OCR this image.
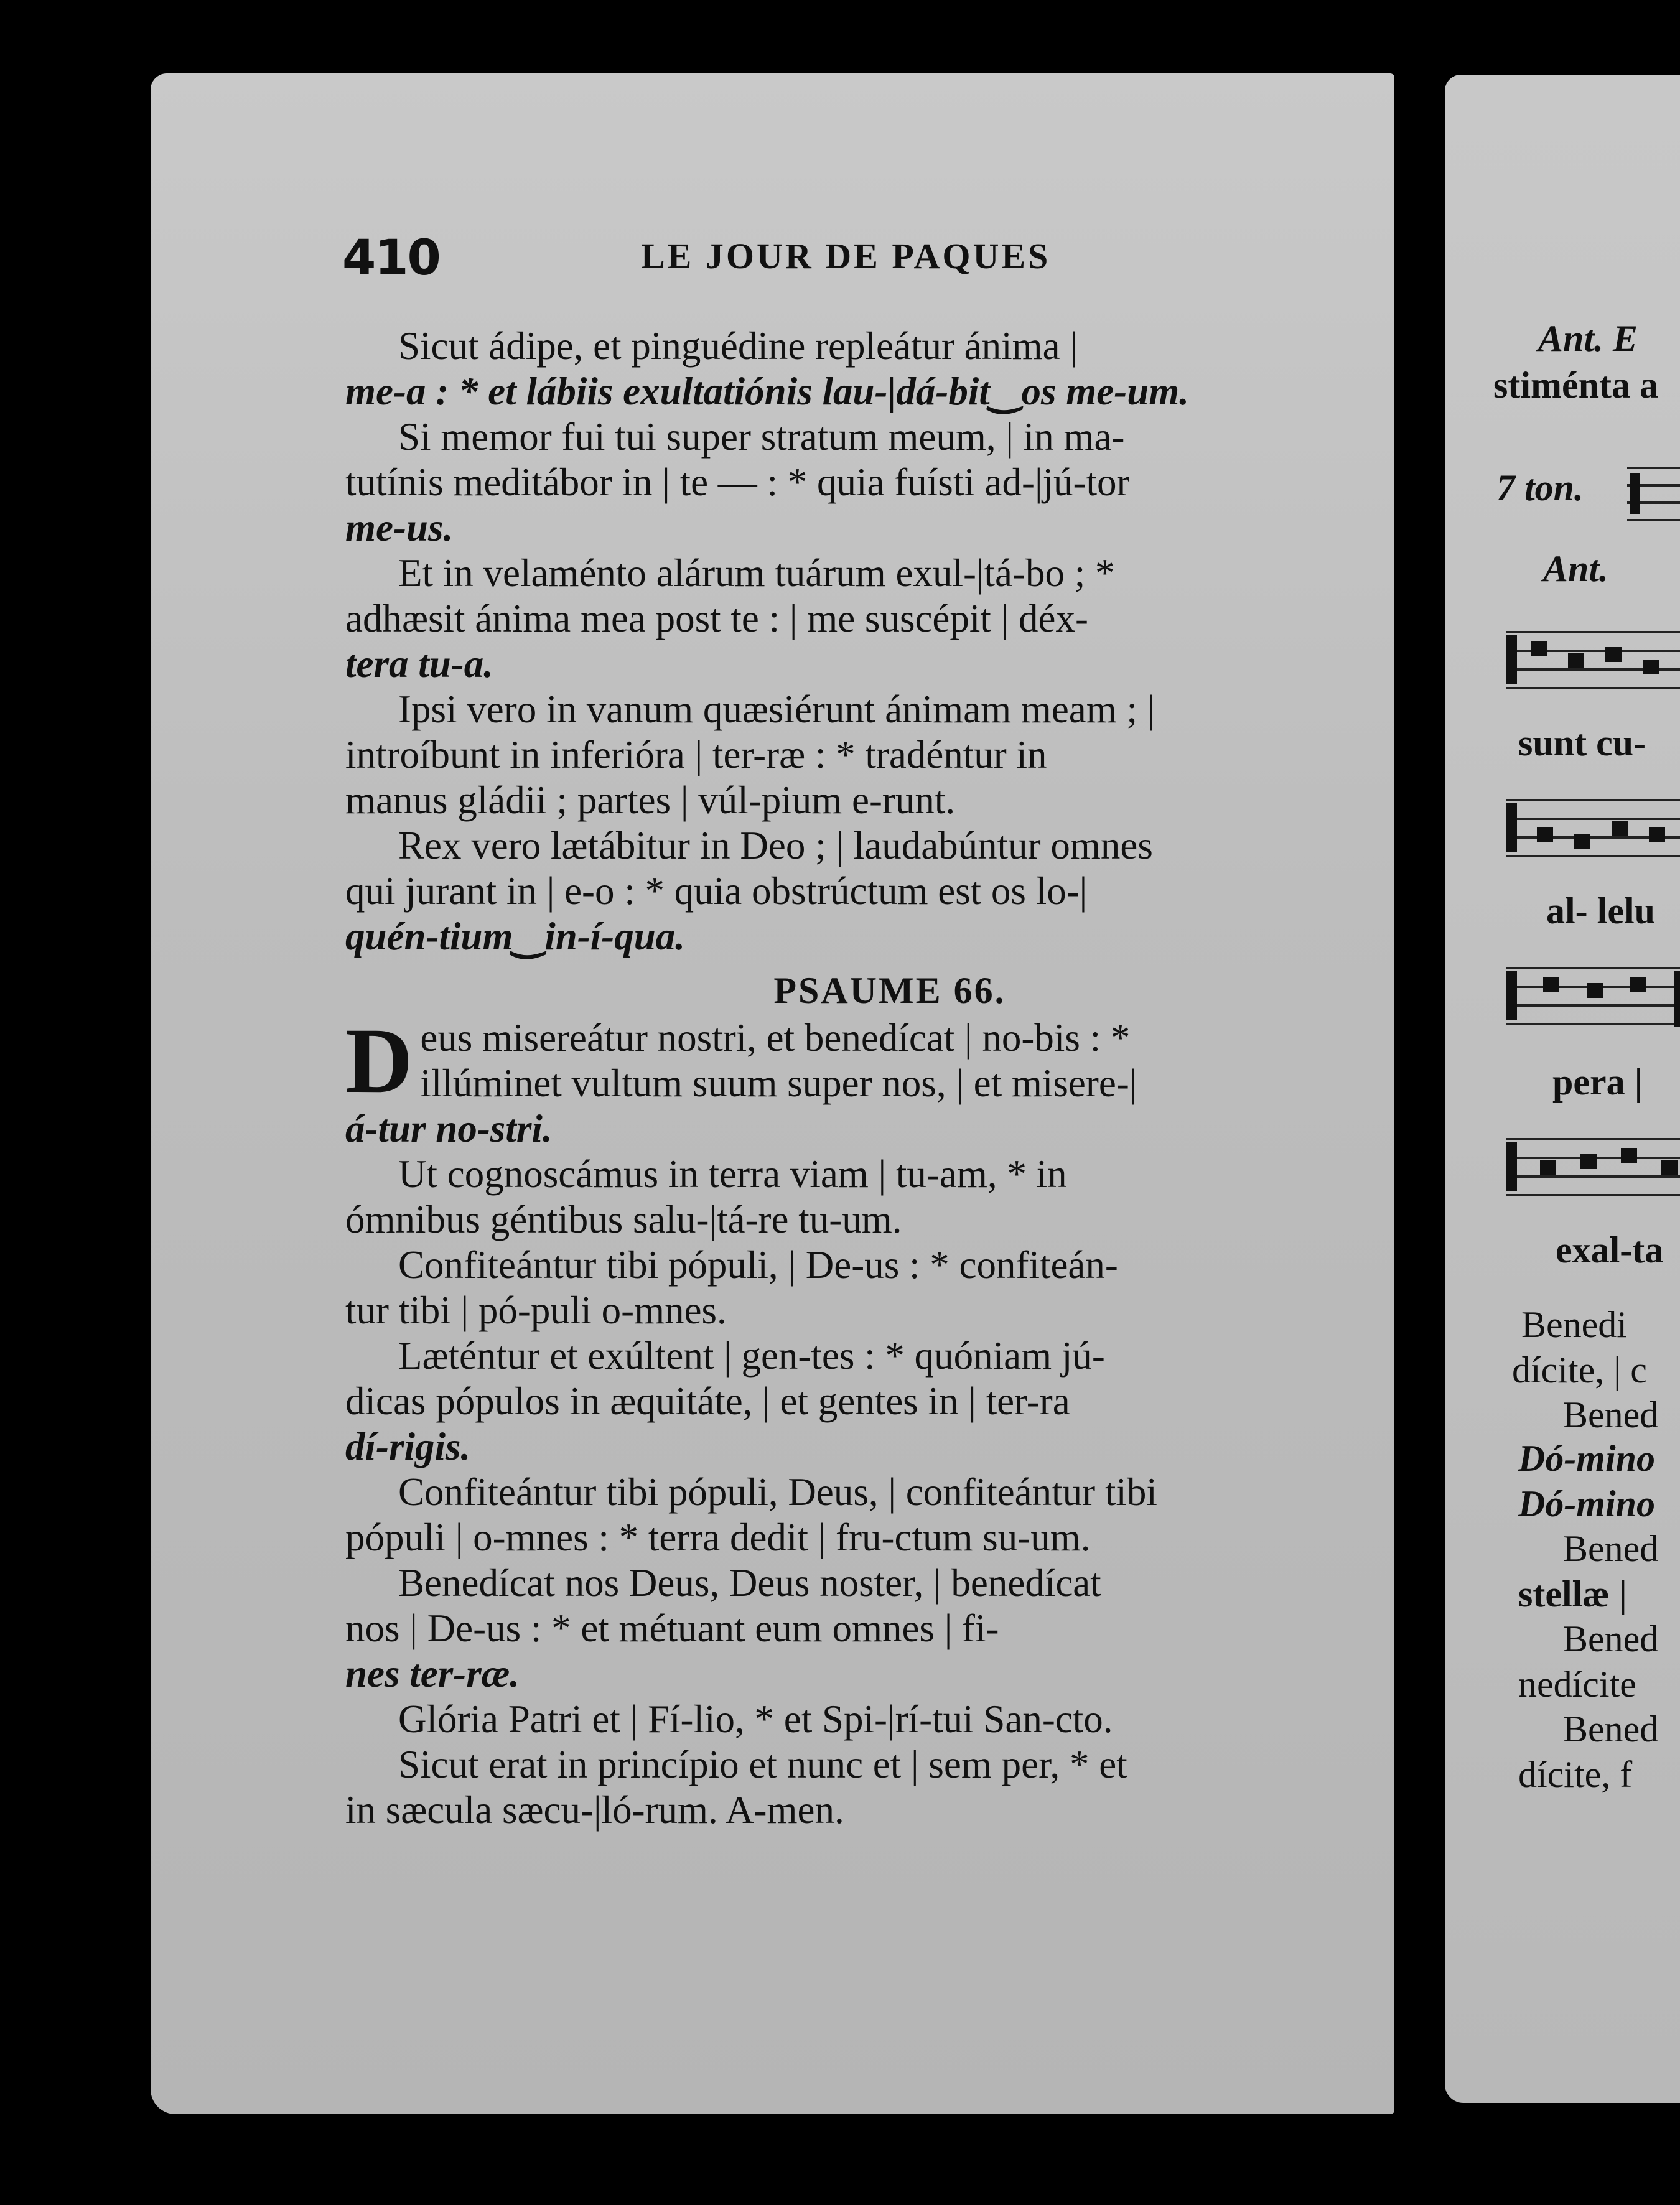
410	LE JOUR DE PAQUES
Sicut ádipe, et pinguédine repleátur ánima |
me-a : * et lábiis exultatiónis lau-|dá-bit‿os me-um.
Si memor fui tui super stratum meum, | in ma-
tutínis meditábor in | te — : * quia fuísti ad-|jú-tor
me-us.
Et in velaménto alárum tuárum exul-|tá-bo ; *
adhæsit ánima mea post te : | me suscépit | déx-
tera tu-a.
Ipsi vero in vanum quæsiérunt ánimam meam ; |
introíbunt in inferióra | ter-ræ : * tradéntur in
manus gládii ; partes | vúl-pium e-runt.
Rex vero lætábitur in Deo ; | laudabúntur omnes
qui jurant in | e-o : * quia obstrúctum est os lo-|
quén-tium‿in-í-qua.
PSAUME 66.
Deus misereátur nostri, et benedícat | no-bis : *
illúminet vultum suum super nos, | et misere-|
á-tur no-stri.
Ut cognoscámus in terra viam | tu-am, * in
ómnibus géntibus salu-|tá-re tu-um.
Confiteántur tibi pópuli, | De-us : * confiteán-
tur tibi | pó-puli o-mnes.
Læténtur et exúltent | gen-tes : * quóniam jú-
dicas pópulos in æquitáte, | et gentes in | ter-ra
dí-rigis.
Confiteántur tibi pópuli, Deus, | confiteántur tibi
pópuli | o-mnes : * terra dedit | fru-ctum su-um.
Benedícat nos Deus, Deus noster, | benedícat
nos | De-us : * et métuant eum omnes | fi-
nes ter-ræ.
Glória Patri et | Fí-lio, * et Spi-|rí-tui San-cto.
Sicut erat in princípio et nunc et | sem per, * et
in sæcula sæcu-|ló-rum. A-men.
Ant. E
stiménta a
7 ton.
Ant.
sunt cu-
al- lelu
pera |
exal-ta
Benedi
dícite, | c
Bened
Dó-mino
Dó-mino
Bened
stellæ |
Bened
nedícite
Bened
dícite, f
